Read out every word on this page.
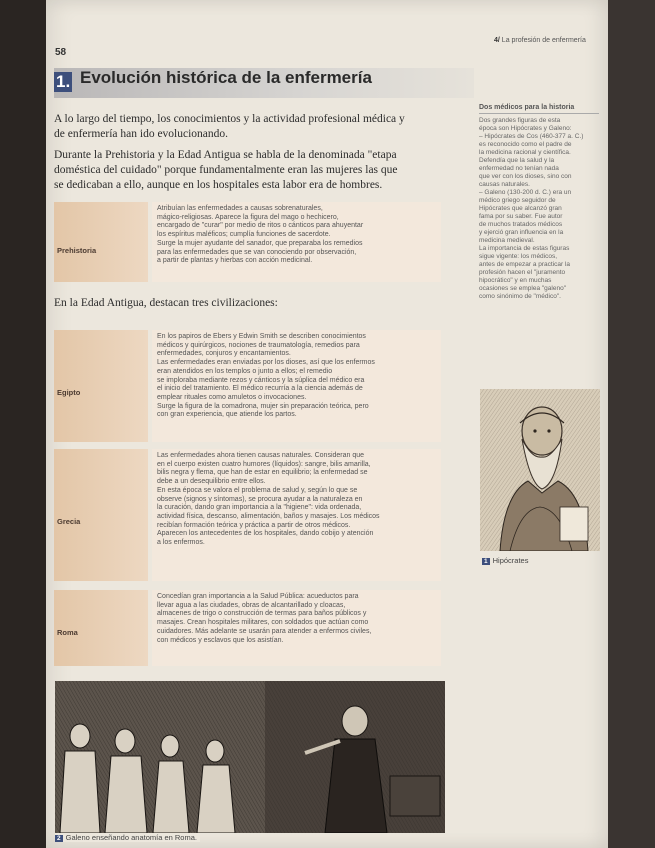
58
4/ La profesión de enfermería
1. Evolución histórica de la enfermería
A lo largo del tiempo, los conocimientos y la actividad profesional médica y
de enfermería han ido evolucionando.
Durante la Prehistoria y la Edad Antigua se habla de la denominada "etapa
doméstica del cuidado" porque fundamentalmente eran las mujeres las que
se dedicaban a ello, aunque en los hospitales esta labor era de hombres.
Prehistoria
Atribuían las enfermedades a causas sobrenaturales,
mágico-religiosas. Aparece la figura del mago o hechicero,
encargado de "curar" por medio de ritos o cánticos para ahuyentar
los espíritus maléficos; cumplía funciones de sacerdote.
Surge la mujer ayudante del sanador, que preparaba los remedios
para las enfermedades que se van conociendo por observación,
a partir de plantas y hierbas con acción medicinal.
En la Edad Antigua, destacan tres civilizaciones:
Egipto
En los papiros de Ebers y Edwin Smith se describen conocimientos
médicos y quirúrgicos, nociones de traumatología, remedios para
enfermedades, conjuros y encantamientos.
Las enfermedades eran enviadas por los dioses, así que los enfermos
eran atendidos en los templos o junto a ellos; el remedio
se imploraba mediante rezos y cánticos y la súplica del médico era
el inicio del tratamiento. El médico recurría a la ciencia además de
emplear rituales como amuletos o invocaciones.
Surge la figura de la comadrona, mujer sin preparación teórica, pero
con gran experiencia, que atiende los partos.
Grecia
Las enfermedades ahora tienen causas naturales. Consideran que
en el cuerpo existen cuatro humores (líquidos): sangre, bilis amarilla,
bilis negra y flema, que han de estar en equilibrio; la enfermedad se
debe a un desequilibrio entre ellos.
En esta época se valora el problema de salud y, según lo que se
observe (signos y síntomas), se procura ayudar a la naturaleza en
la curación, dando gran importancia a la "higiene": vida ordenada,
actividad física, descanso, alimentación, baños y masajes. Los médicos
recibían formación teórica y práctica a partir de otros médicos.
Aparecen los antecedentes de los hospitales, dando cobijo y atención
a los enfermos.
Roma
Concedían gran importancia a la Salud Pública: acueductos para
llevar agua a las ciudades, obras de alcantarillado y cloacas,
almacenes de trigo o construcción de termas para baños públicos y
masajes. Crean hospitales militares, con soldados que actúan como
cuidadores. Más adelante se usarán para atender a enfermos civiles,
con médicos y esclavos que los asistían.
Dos médicos para la historia
Dos grandes figuras de esta
época son Hipócrates y Galeno:
– Hipócrates de Cos (460-377 a. C.)
es reconocido como el padre de
la medicina racional y científica.
Defendía que la salud y la
enfermedad no tenían nada
que ver con los dioses, sino con
causas naturales.
– Galeno (130-200 d. C.) era un
médico griego seguidor de
Hipócrates que alcanzó gran
fama por su saber. Fue autor
de muchos tratados médicos
y ejerció gran influencia en la
medicina medieval.
La importancia de estas figuras
sigue vigente: los médicos,
antes de empezar a practicar la
profesión hacen el "juramento
hipocrático" y en muchas
ocasiones se emplea "galeno"
como sinónimo de "médico".
1 Hipócrates
2 Galeno enseñando anatomía en Roma.
